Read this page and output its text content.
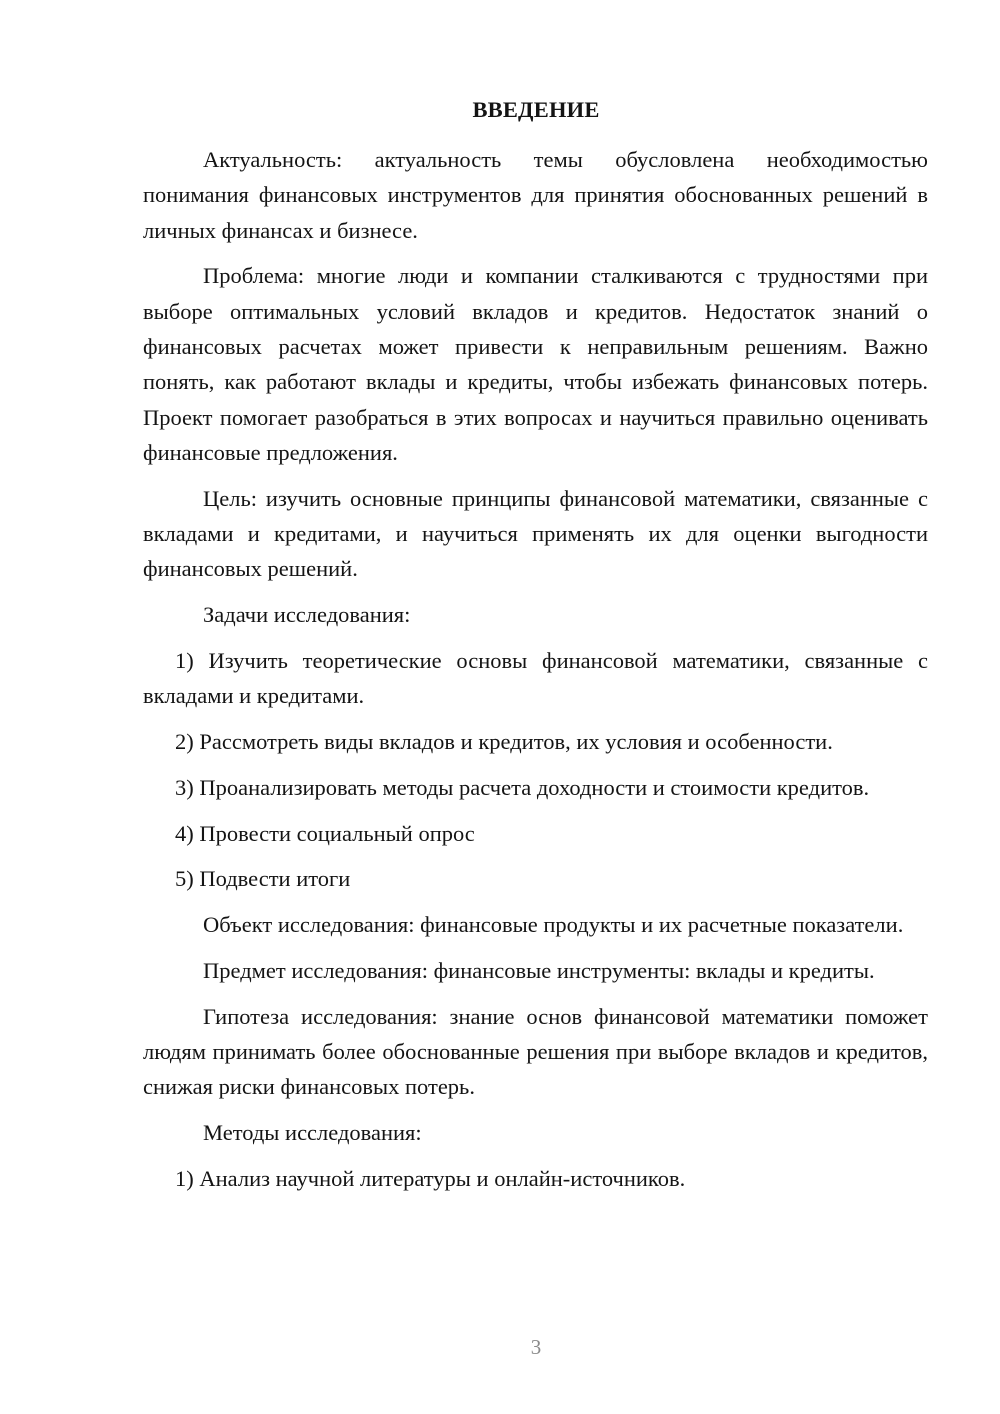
ВВЕДЕНИЕ

Актуальность: актуальность темы обусловлена необходимостью понимания финансовых инструментов для принятия обоснованных решений в личных финансах и бизнесе.

Проблема: многие люди и компании сталкиваются с трудностями при выборе оптимальных условий вкладов и кредитов. Недостаток знаний о финансовых расчетах может привести к неправильным решениям. Важно понять, как работают вклады и кредиты, чтобы избежать финансовых потерь. Проект помогает разобраться в этих вопросах и научиться правильно оценивать финансовые предложения.

Цель: изучить основные принципы финансовой математики, связанные с вкладами и кредитами, и научиться применять их для оценки выгодности финансовых решений.

Задачи исследования:

1) Изучить теоретические основы финансовой математики, связанные с вкладами и кредитами.

2) Рассмотреть виды вкладов и кредитов, их условия и особенности.

3) Проанализировать методы расчета доходности и стоимости кредитов.

4) Провести социальный опрос

5) Подвести итоги

Объект исследования: финансовые продукты и их расчетные показатели.

Предмет исследования: финансовые инструменты: вклады и кредиты.

Гипотеза исследования: знание основ финансовой математики поможет людям принимать более обоснованные решения при выборе вкладов и кредитов, снижая риски финансовых потерь.

Методы исследования:

1) Анализ научной литературы и онлайн-источников.

3
